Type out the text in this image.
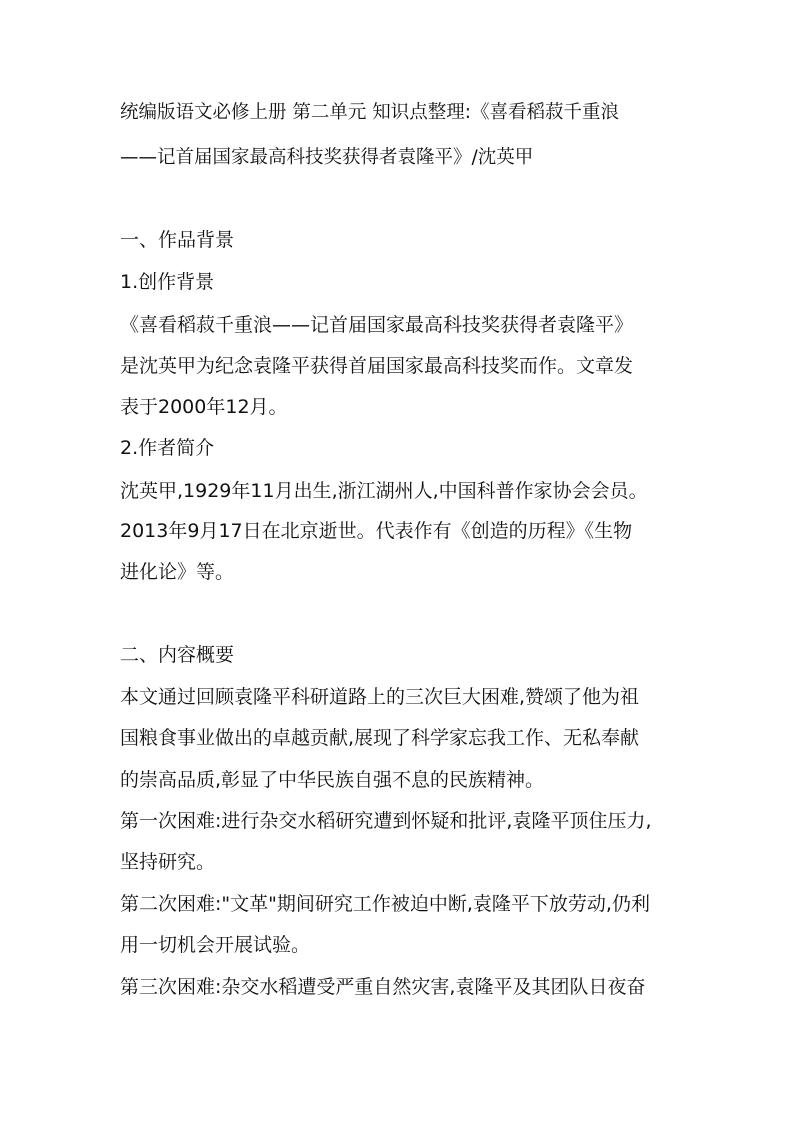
统编版语文必修上册 第二单元 知识点整理:《喜看稻菽千重浪
——记首届国家最高科技奖获得者袁隆平》/沈英甲
一、作品背景
1.创作背景
《喜看稻菽千重浪——记首届国家最高科技奖获得者袁隆平》
是沈英甲为纪念袁隆平获得首届国家最高科技奖而作。文章发
表于2000年12月。
2.作者简介
沈英甲,1929年11月出生,浙江湖州人,中国科普作家协会会员。
2013年9月17日在北京逝世。代表作有《创造的历程》《生物
进化论》等。
二、内容概要
本文通过回顾袁隆平科研道路上的三次巨大困难,赞颂了他为祖
国粮食事业做出的卓越贡献,展现了科学家忘我工作、无私奉献
的崇高品质,彰显了中华民族自强不息的民族精神。
第一次困难:进行杂交水稻研究遭到怀疑和批评,袁隆平顶住压力,
坚持研究。
第二次困难:"文革"期间研究工作被迫中断,袁隆平下放劳动,仍利
用一切机会开展试验。
第三次困难:杂交水稻遭受严重自然灾害,袁隆平及其团队日夜奋
